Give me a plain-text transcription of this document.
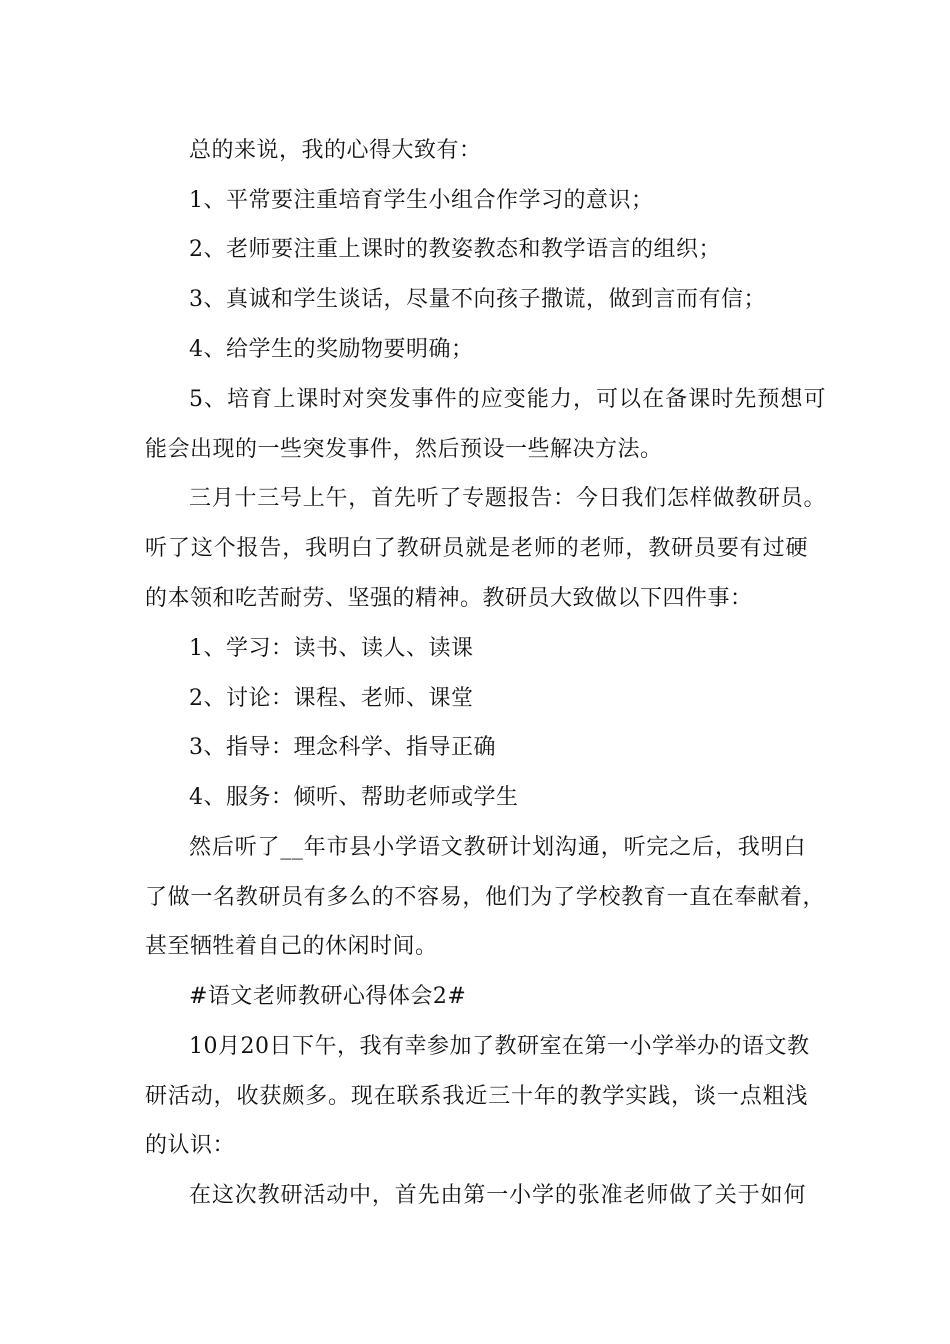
总的来说，我的心得大致有：
1、平常要注重培育学生小组合作学习的意识；
2、老师要注重上课时的教姿教态和教学语言的组织；
3、真诚和学生谈话，尽量不向孩子撒谎，做到言而有信；
4、给学生的奖励物要明确；
5、培育上课时对突发事件的应变能力，可以在备课时先预想可
能会出现的一些突发事件，然后预设一些解决方法。
三月十三号上午，首先听了专题报告：今日我们怎样做教研员。
听了这个报告，我明白了教研员就是老师的老师，教研员要有过硬
的本领和吃苦耐劳、坚强的精神。教研员大致做以下四件事：
1、学习：读书、读人、读课
2、讨论：课程、老师、课堂
3、指导：理念科学、指导正确
4、服务：倾听、帮助老师或学生
然后听了__年市县小学语文教研计划沟通，听完之后，我明白
了做一名教研员有多么的不容易，他们为了学校教育一直在奉献着，
甚至牺牲着自己的休闲时间。
#语文老师教研心得体会2#
10月20日下午，我有幸参加了教研室在第一小学举办的语文教
研活动，收获颇多。现在联系我近三十年的教学实践，谈一点粗浅
的认识：
在这次教研活动中，首先由第一小学的张准老师做了关于如何
